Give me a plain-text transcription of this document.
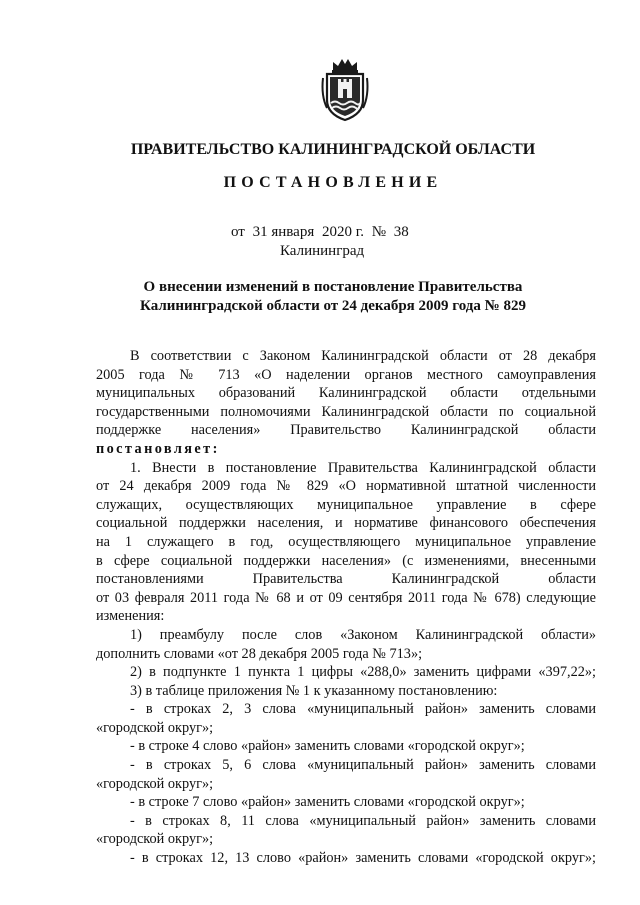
ПРАВИТЕЛЬСТВО КАЛИНИНГРАДСКОЙ ОБЛАСТИ
ПОСТАНОВЛЕНИЕ
от 31 января 2020 г. № 38
Калининград
О внесении изменений в постановление Правительства
Калининградской области от 24 декабря 2009 года № 829

В соответствии с Законом Калининградской области от 28 декабря

2005 года № 713 «О наделении органов местного самоуправления

муниципальных образований Калининградской области отдельными

государственными полномочиями Калининградской области по социальной

поддержке населения» Правительство Калининградской области

постановляет:

1. Внести в постановление Правительства Калининградской области

от 24 декабря 2009 года № 829 «О нормативной штатной численности

служащих, осуществляющих муниципальное управление в сфере

социальной поддержки населения, и нормативе финансового обеспечения

на 1 служащего в год, осуществляющего муниципальное управление

в сфере социальной поддержки населения» (с изменениями, внесенными

постановлениями Правительства Калининградской области

от 03 февраля 2011 года № 68 и от 09 сентября 2011 года № 678) следующие

изменения:

1) преамбулу после слов «Законом Калининградской области»

дополнить словами «от 28 декабря 2005 года № 713»;

2) в подпункте 1 пункта 1 цифры «288,0» заменить цифрами «397,22»;

3) в таблице приложения № 1 к указанному постановлению:

- в строках 2, 3 слова «муниципальный район» заменить словами

«городской округ»;

- в строке 4 слово «район» заменить словами «городской округ»;

- в строках 5, 6 слова «муниципальный район» заменить словами

«городской округ»;

- в строке 7 слово «район» заменить словами «городской округ»;

- в строках 8, 11 слова «муниципальный район» заменить словами

«городской округ»;

- в строках 12, 13 слово «район» заменить словами «городской округ»;
